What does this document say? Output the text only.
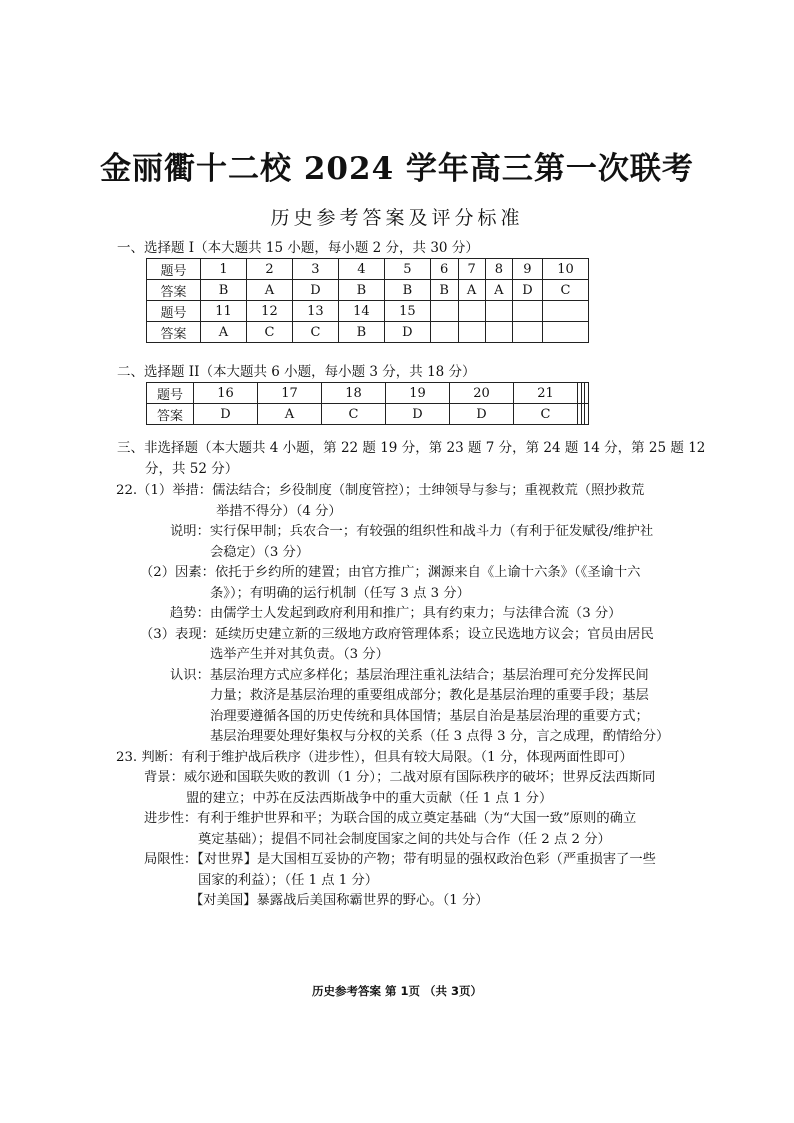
金丽衢十二校 2024 学年高三第一次联考
历史参考答案及评分标准
一、选择题 I（本大题共 15 小题，每小题 2 分，共 30 分）
题号	1	2	3	4	5	6	7	8	9	10
答案	B	A	D	B	B	B	A	A	D	C
题号	11	12	13	14	15					
答案	A	C	C	B	D					
二、选择题 II（本大题共 6 小题，每小题 3 分，共 18 分）
题号	16	17	18	19	20	21			
答案	D	A	C	D	D	C			
三、非选择题（本大题共 4 小题，第 22 题 19 分，第 23 题 7 分，第 24 题 14 分，第 25 题 12
分，共 52 分）

22.（1）举措：儒法结合；乡役制度（制度管控）；士绅领导与参与；重视救荒（照抄救荒

举措不得分）（4 分）

说明：实行保甲制；兵农合一；有较强的组织性和战斗力（有利于征发赋役/维护社

会稳定）（3 分）

（2）因素：依托于乡约所的建置；由官方推广；渊源来自《上谕十六条》（《圣谕十六

条》）；有明确的运行机制（任写 3 点 3 分）

趋势：由儒学士人发起到政府利用和推广；具有约束力；与法律合流（3 分）

（3）表现：延续历史建立新的三级地方政府管理体系；设立民选地方议会；官员由居民

选举产生并对其负责。（3 分）

认识：基层治理方式应多样化；基层治理注重礼法结合；基层治理可充分发挥民间

力量；救济是基层治理的重要组成部分；教化是基层治理的重要手段；基层

治理要遵循各国的历史传统和具体国情；基层自治是基层治理的重要方式；

基层治理要处理好集权与分权的关系（任 3 点得 3 分，言之成理，酌情给分）

23. 判断：有利于维护战后秩序（进步性），但具有较大局限。（1 分，体现两面性即可）

背景：威尔逊和国联失败的教训（1 分）；二战对原有国际秩序的破坏；世界反法西斯同

盟的建立；中苏在反法西斯战争中的重大贡献（任 1 点 1 分）

进步性：有利于维护世界和平；为联合国的成立奠定基础（为“大国一致”原则的确立

奠定基础）；提倡不同社会制度国家之间的共处与合作（任 2 点 2 分）

局限性：【对世界】是大国相互妥协的产物；带有明显的强权政治色彩（严重损害了一些

国家的利益）；（任 1 点 1 分）

【对美国】暴露战后美国称霸世界的野心。（1 分）

历史参考答案 第 1页 （共 3页）
